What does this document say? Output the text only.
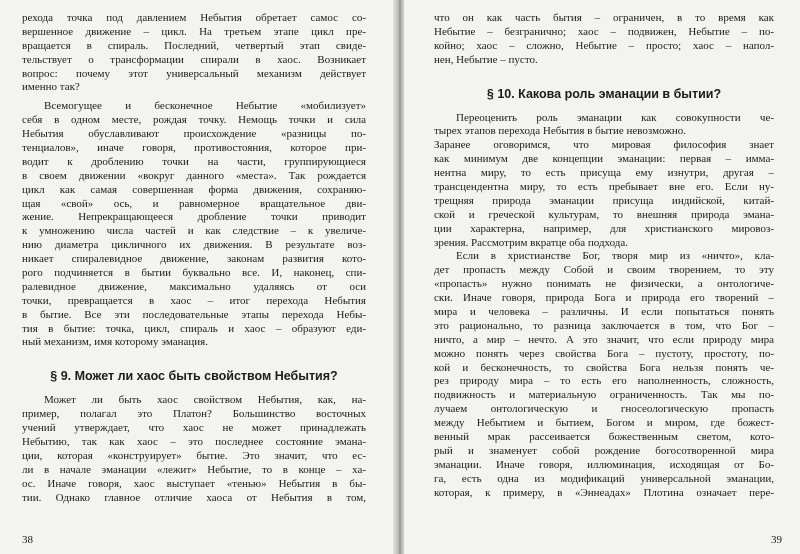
рехода точка под давлением Небытия обретает самос со-
вершенное движение – цикл. На третьем этапе цикл пре-
вращается в спираль. Последний, четвертый этап свиде-
тельствует о трансформации спирали в хаос. Возникает
вопрос: почему этот универсальный механизм действует
именно так?
Всемогущее и бесконечное Небытие «мобилизует»
себя в одном месте, рождая точку. Немощь точки и сила
Небытия обуславливают происхождение «разницы по-
тенциалов», иначе говоря, противостояния, которое при-
водит к дроблению точки на части, группирующиеся
в своем движении «вокруг данного «места». Так рождается
цикл как самая совершенная форма движения, сохраняю-
щая «свой» ось, и равномерное вращательное дви-
жение. Непрекращающееся дробление точки приводит
к умножению числа частей и как следствие – к увеличе-
нию диаметра цикличного их движения. В результате воз-
никает спиралевидное движение, законам развития кото-
рого подчиняется в бытии буквально все. И, наконец, спи-
ралевидное движение, максимально удаляясь от оси
точки, превращается в хаос – итог перехода Небытия
в бытие. Все эти последовательные этапы перехода Небы-
тия в бытие: точка, цикл, спираль и хаос – образуют еди-
ный механизм, имя которому эманация.
§ 9. Может ли хаос быть свойством Небытия?
Может ли быть хаос свойством Небытия, как, на-
пример, полагал это Платон? Большинство восточных
учений утверждает, что хаос не может принадлежать
Небытию, так как хаос – это последнее состояние эмана-
ции, которая «конструирует» бытие. Это значит, что ес-
ли в начале эманации «лежит» Небытие, то в конце – ха-
ос. Иначе говоря, хаос выступает «тенью» Небытия в бы-
тии. Однако главное отличие хаоса от Небытия в том,
38
что он как часть бытия – ограничен, в то время как
Небытие – безгранично; хаос – подвижен, Небытие – по-
койно; хаос – сложно, Небытие – просто; хаос – напол-
нен, Небытие – пусто.
§ 10. Какова роль эманации в бытии?
Переоценить роль эманации как совокупности че-
тырех этапов перехода Небытия в бытие невозможно.
Заранее оговоримся, что мировая философия знает
как минимум две концепции эманации: первая – имма-
нентна миру, то есть присуща ему изнутри, другая –
трансцендентна миру, то есть пребывает вне его. Если ну-
трещняя природа эманации присуща индийской, китай-
ской и греческой культурам, то внешняя природа эмана-
ции характерна, например, для христианского мировоз-
зрения. Рассмотрим вкратце оба подхода.
Если в христианстве Бог, творя мир из «ничто», кла-
дет пропасть между Собой и своим творением, то эту
«пропасть» нужно понимать не физически, а онтологиче-
ски. Иначе говоря, природа Бога и природа его творений –
мира и человека – различны. И если попытаться понять
это рационально, то разница заключается в том, что Бог –
ничто, а мир – нечто. А это значит, что если природу мира
можно понять через свойства Бога – пустоту, простоту, по-
кой и бесконечность, то свойства Бога нельзя понять че-
рез природу мира – то есть его наполненность, сложность,
подвижность и материальную ограниченность. Так мы по-
лучаем онтологическую и гносеологическую пропасть
между Небытием и бытием, Богом и миром, где божест-
венный мрак рассеивается божественным светом, кото-
рый и знаменует собой рождение богосотворенной мира
эманации. Иначе говоря, иллюминация, исходящая от Бо-
га, есть одна из модификаций универсальной эманации,
которая, к примеру, в «Эннеадах» Плотина означает пере-
39
